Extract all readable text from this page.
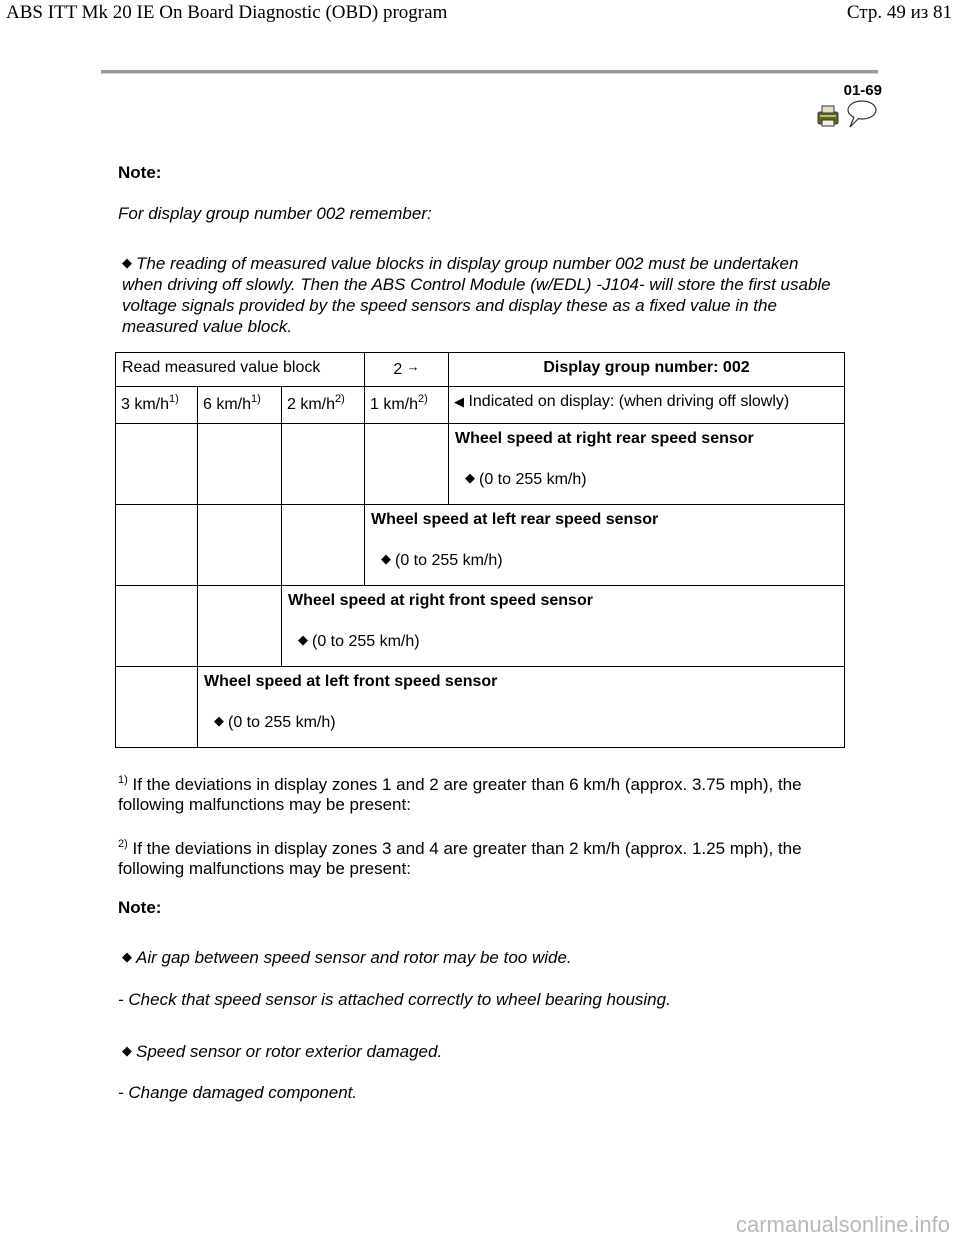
ABS ITT Mk 20 IE On Board Diagnostic (OBD) program	Стр. 49 из 81
01-69
Note:
For display group number 002 remember:
◆ The reading of measured value blocks in display group number 002 must be undertaken when driving off slowly. Then the ABS Control Module (w/EDL) -J104- will store the first usable voltage signals provided by the speed sensors and display these as a fixed value in the measured value block.
Read measured value block			2 →	Display group number: 002

3 $km/h^{1)}$	6 $km/h^{1)}$	2 $km/h^{2)}$	1 $km/h^{2)}$	◀ Indicated on display: (when driving off slowly)

				Wheel speed at right rear speed sensor
◆ (0 to 255 km/h)

			Wheel speed at left rear speed sensor
◆ (0 to 255 km/h)	

		Wheel speed at right front speed sensor
◆ (0 to 255 km/h)		

	Wheel speed at left front speed sensor
◆ (0 to 255 km/h)			
$^{1)}$ If the deviations in display zones 1 and 2 are greater than 6 km/h (approx. 3.75 mph), the following malfunctions may be present:
$^{2)}$ If the deviations in display zones 3 and 4 are greater than 2 km/h (approx. 1.25 mph), the following malfunctions may be present:
Note:
◆ Air gap between speed sensor and rotor may be too wide.
- Check that speed sensor is attached correctly to wheel bearing housing.
◆ Speed sensor or rotor exterior damaged.
- Change damaged component.
carmanualsonline.info
